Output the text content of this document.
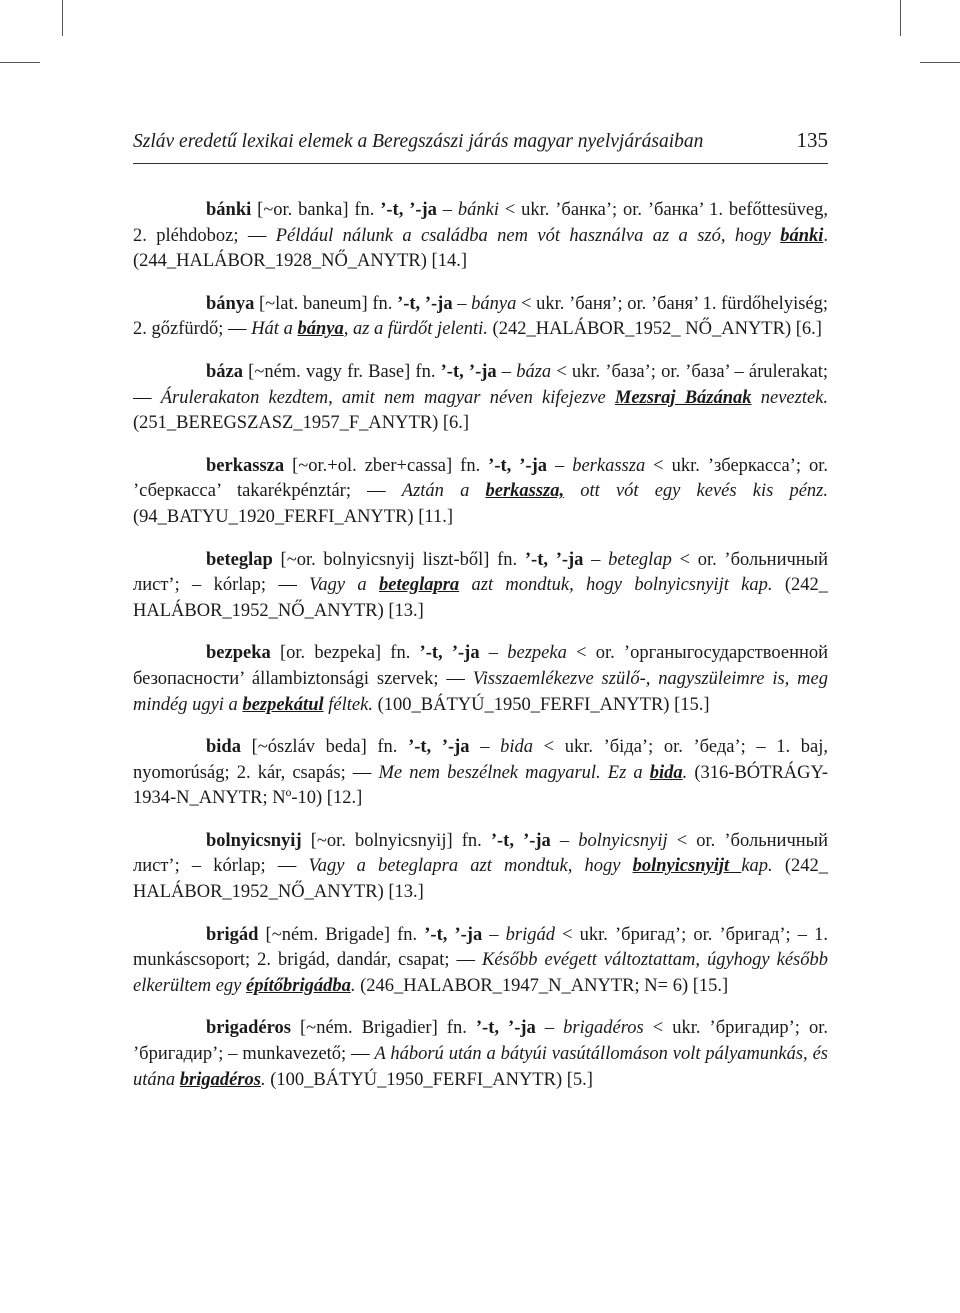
Szláv eredetű lexikai elemek a Beregszászi járás magyar nyelvjárásaiban	135

bánki [~or. banka] fn. ’-t, ’-ja – bánki < ukr. ’банка’; or. ’банка’ 1. befőttesüveg, 2. pléhdoboz; — Például nálunk a családba nem vót használva az a szó, hogy bánki. (244_HALÁBOR_1928_NŐ_ANYTR) [14.]

bánya [~lat. baneum] fn. ’-t, ’-ja – bánya < ukr. ’баня’; or. ’баня’ 1. fürdőhelyiség; 2. gőzfürdő; — Hát a bánya, az a fürdőt jelenti. (242_HALÁBOR_1952_ NŐ_ANYTR) [6.]

báza [~ném. vagy fr. Base] fn. ’-t, ’-ja – báza < ukr. ’база’; or. ’база’ – árulerakat; — Árulerakaton kezdtem, amit nem magyar néven kifejezve Mezsraj Bázának neveztek. (251_BEREGSZASZ_1957_F_ANYTR) [6.]

berkassza [~or.+ol. zber+cassa] fn. ’-t, ’-ja – berkassza < ukr. ’зберкасса’; or. ’сберкасса’ takarékpénztár; — Aztán a berkassza, ott vót egy kevés kis pénz. (94_BATYU_1920_FERFI_ANYTR) [11.]

beteglap [~or. bolnyicsnyij liszt-ből] fn. ’-t, ’-ja – beteglap < or. ’больничный лист’; – kórlap; — Vagy a beteglapra azt mondtuk, hogy bolnyicsnyijt kap. (242_ HALÁBOR_1952_NŐ_ANYTR) [13.]

bezpeka [or. bezpeka] fn. ’-t, ’-ja – bezpeka < or. ’органыгосударствоенной безопасности’ állambiztonsági szervek; — Visszaemlékezve szülő-, nagyszüleimre is, meg mindég ugyi a bezpekátul féltek. (100_BÁTYÚ_1950_FERFI_ANYTR) [15.]

bida [~ószláv beda] fn. ’-t, ’-ja – bida < ukr. ’біда’; or. ’беда’; – 1. baj, nyomorúság; 2. kár, csapás; — Me nem beszélnek magyarul. Ez a bida. (316-BÓTRÁGY-1934-N_ANYTR; Nº-10) [12.]

bolnyicsnyij [~or. bolnyicsnyij] fn. ’-t, ’-ja – bolnyicsnyij < or. ’больничный лист’; – kórlap; — Vagy a beteglapra azt mondtuk, hogy bolnyicsnyijt kap. (242_ HALÁBOR_1952_NŐ_ANYTR) [13.]

brigád [~ném. Brigade] fn. ’-t, ’-ja – brigád < ukr. ’бригад’; or. ’бригад’; – 1. munkáscsoport; 2. brigád, dandár, csapat; — Később evégett változtattam, úgyhogy később elkerültem egy építőbrigádba. (246_HALABOR_1947_N_ANYTR; N= 6) [15.]

brigadéros [~ném. Brigadier] fn. ’-t, ’-ja – brigadéros < ukr. ’бригадир’; or. ’бригадир’; – munkavezető; — A háború után a bátyúi vasútállomáson volt pályamunkás, és utána brigadéros. (100_BÁTYÚ_1950_FERFI_ANYTR) [5.]
